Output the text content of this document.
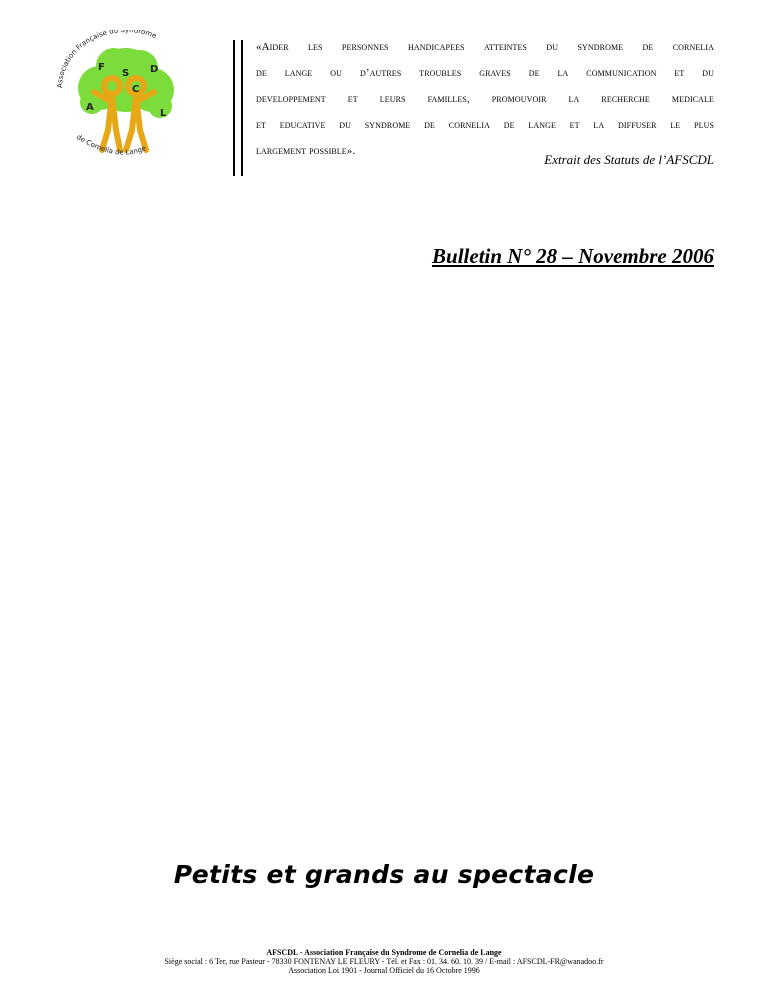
A
F
S
C
D
L
Association Française du Syndrome
de Cornelia de Lange
«Aider les personnes handicapees atteintes du syndrome de cornelia
de lange ou d’autres troubles graves de la communication et du
developpement et leurs familles, promouvoir la recherche medicale
et educative du syndrome de cornelia de lange et la diffuser le plus
largement possible».
Extrait des Statuts de l’AFSCDL
Bulletin N° 28 – Novembre 2006
Petits et grands au spectacle
AFSCDL - Association Française du Syndrome de Cornelia de Lange
Siège social : 6 Ter, rue Pasteur - 78330 FONTENAY LE FLEURY - Tél. et Fax : 01. 34. 60. 10. 39 / E-mail : AFSCDL-FR@wanadoo.fr
Association Loi 1901 - Journal Officiel du 16 Octobre 1996
